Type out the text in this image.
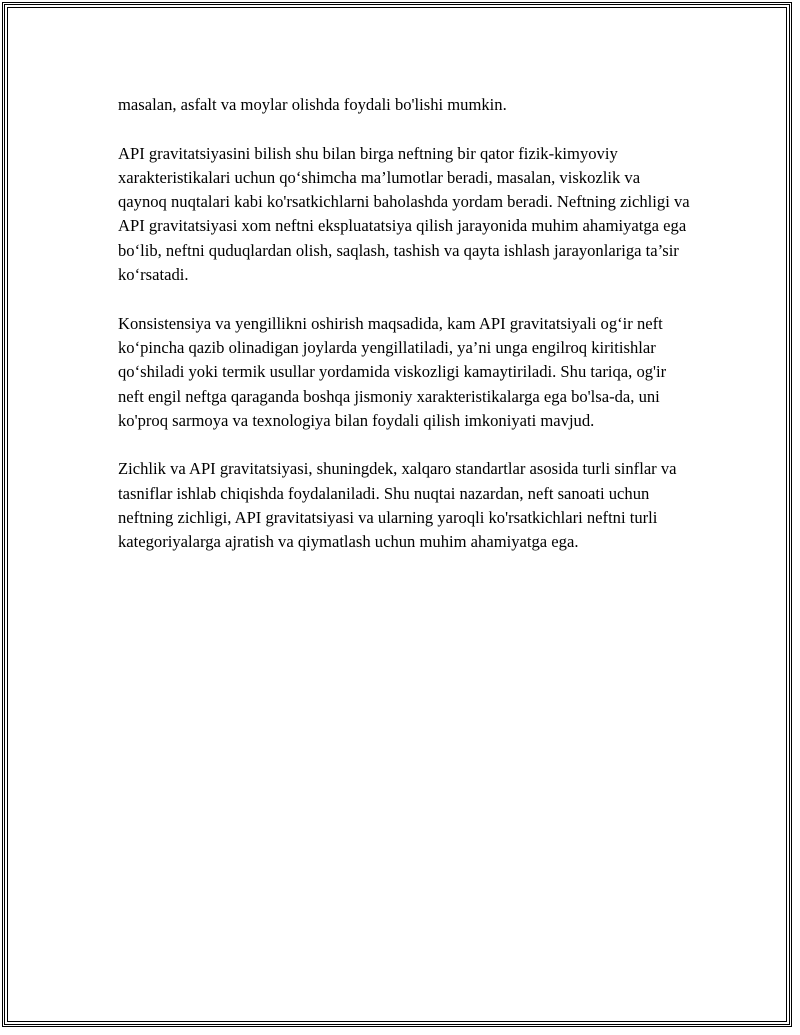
masalan, asfalt va moylar olishda foydali bo'lishi mumkin.

API gravitatsiyasini bilish shu bilan birga neftning bir qator fizik-kimyoviy xarakteristikalari uchun qo‘shimcha ma’lumotlar beradi, masalan, viskozlik va qaynoq nuqtalari kabi ko'rsatkichlarni baholashda yordam beradi. Neftning zichligi va API gravitatsiyasi xom neftni ekspluatatsiya qilish jarayonida muhim ahamiyatga ega bo‘lib, neftni quduqlardan olish, saqlash, tashish va qayta ishlash jarayonlariga ta’sir ko‘rsatadi.

Konsistensiya va yengillikni oshirish maqsadida, kam API gravitatsiyali og‘ir neft ko‘pincha qazib olinadigan joylarda yengillatiladi, ya’ni unga engilroq kiritishlar qo‘shiladi yoki termik usullar yordamida viskozligi kamaytiriladi. Shu tariqa, og'ir neft engil neftga qaraganda boshqa jismoniy xarakteristikalarga ega bo'lsa-da, uni ko'proq sarmoya va texnologiya bilan foydali qilish imkoniyati mavjud.

Zichlik va API gravitatsiyasi, shuningdek, xalqaro standartlar asosida turli sinflar va tasniflar ishlab chiqishda foydalaniladi. Shu nuqtai nazardan, neft sanoati uchun neftning zichligi, API gravitatsiyasi va ularning yaroqli ko'rsatkichlari neftni turli kategoriyalarga ajratish va qiymatlash uchun muhim ahamiyatga ega.
